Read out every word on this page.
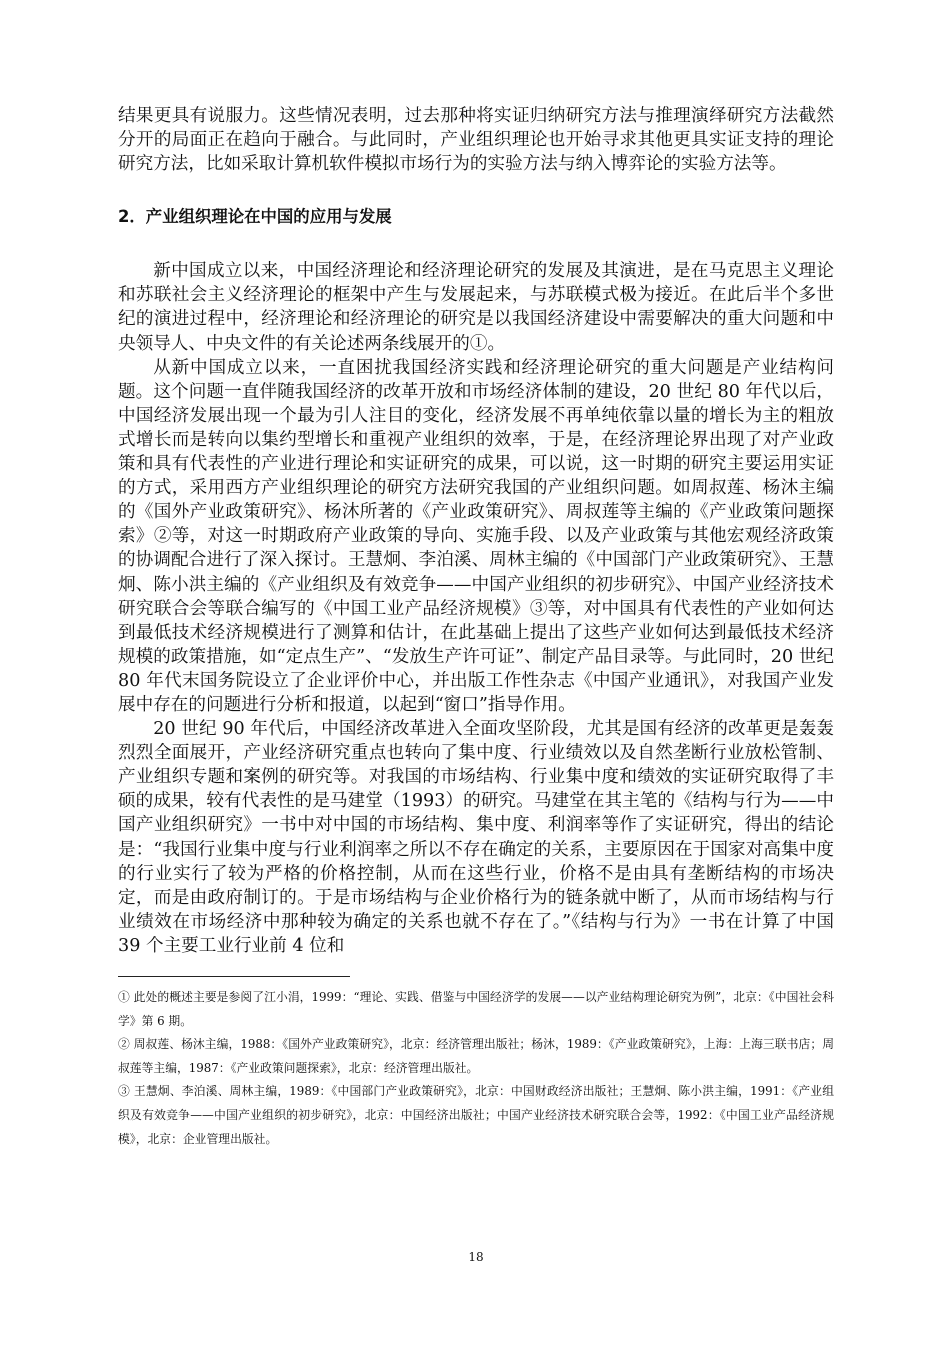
结果更具有说服力。这些情况表明，过去那种将实证归纳研究方法与推理演绎研究方法截然分开的局面正在趋向于融合。与此同时，产业组织理论也开始寻求其他更具实证支持的理论研究方法，比如采取计算机软件模拟市场行为的实验方法与纳入博弈论的实验方法等。

2．产业组织理论在中国的应用与发展

新中国成立以来，中国经济理论和经济理论研究的发展及其演进，是在马克思主义理论和苏联社会主义经济理论的框架中产生与发展起来，与苏联模式极为接近。在此后半个多世纪的演进过程中，经济理论和经济理论的研究是以我国经济建设中需要解决的重大问题和中央领导人、中央文件的有关论述两条线展开的①。

从新中国成立以来，一直困扰我国经济实践和经济理论研究的重大问题是产业结构问题。这个问题一直伴随我国经济的改革开放和市场经济体制的建设，20 世纪 80 年代以后，中国经济发展出现一个最为引人注目的变化，经济发展不再单纯依靠以量的增长为主的粗放式增长而是转向以集约型增长和重视产业组织的效率，于是，在经济理论界出现了对产业政策和具有代表性的产业进行理论和实证研究的成果，可以说，这一时期的研究主要运用实证的方式，采用西方产业组织理论的研究方法研究我国的产业组织问题。如周叔莲、杨沐主编的《国外产业政策研究》、杨沐所著的《产业政策研究》、周叔莲等主编的《产业政策问题探索》②等，对这一时期政府产业政策的导向、实施手段、以及产业政策与其他宏观经济政策的协调配合进行了深入探讨。王慧炯、李泊溪、周林主编的《中国部门产业政策研究》、王慧炯、陈小洪主编的《产业组织及有效竞争——中国产业组织的初步研究》、中国产业经济技术研究联合会等联合编写的《中国工业产品经济规模》③等，对中国具有代表性的产业如何达到最低技术经济规模进行了测算和估计，在此基础上提出了这些产业如何达到最低技术经济规模的政策措施，如“定点生产”、“发放生产许可证”、制定产品目录等。与此同时，20 世纪 80 年代末国务院设立了企业评价中心，并出版工作性杂志《中国产业通讯》，对我国产业发展中存在的问题进行分析和报道，以起到“窗口”指导作用。

20 世纪 90 年代后，中国经济改革进入全面攻坚阶段，尤其是国有经济的改革更是轰轰烈烈全面展开，产业经济研究重点也转向了集中度、行业绩效以及自然垄断行业放松管制、产业组织专题和案例的研究等。对我国的市场结构、行业集中度和绩效的实证研究取得了丰硕的成果，较有代表性的是马建堂（1993）的研究。马建堂在其主笔的《结构与行为——中国产业组织研究》一书中对中国的市场结构、集中度、利润率等作了实证研究，得出的结论是：“我国行业集中度与行业利润率之所以不存在确定的关系，主要原因在于国家对高集中度的行业实行了较为严格的价格控制，从而在这些行业，价格不是由具有垄断结构的市场决定，而是由政府制订的。于是市场结构与企业价格行为的链条就中断了，从而市场结构与行业绩效在市场经济中那种较为确定的关系也就不存在了。”《结构与行为》一书在计算了中国 39 个主要工业行业前 4 位和

① 此处的概述主要是参阅了江小涓，1999：“理论、实践、借鉴与中国经济学的发展——以产业结构理论研究为例”，北京：《中国社会科学》第 6 期。

② 周叔莲、杨沐主编，1988：《国外产业政策研究》，北京：经济管理出版社；杨沐，1989：《产业政策研究》，上海：上海三联书店；周叔莲等主编，1987：《产业政策问题探索》，北京：经济管理出版社。

③ 王慧炯、李泊溪、周林主编，1989：《中国部门产业政策研究》，北京：中国财政经济出版社；王慧炯、陈小洪主编，1991：《产业组织及有效竞争——中国产业组织的初步研究》，北京：中国经济出版社；中国产业经济技术研究联合会等，1992：《中国工业产品经济规模》，北京：企业管理出版社。

18
